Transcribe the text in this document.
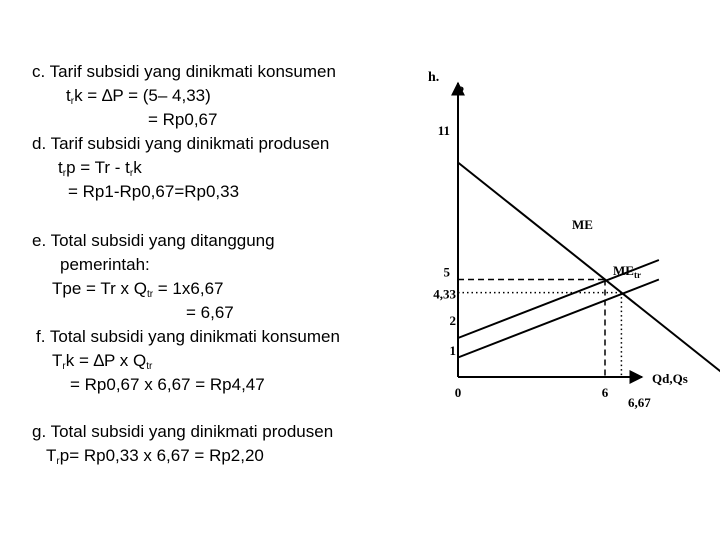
c. Tarif subsidi yang dinikmati konsumen
$t_rk = \Delta P = (5-$ 4,33)
= Rp0,67
d. Tarif subsidi yang dinikmati produsen
$t_rp = Tr - t_rk$
= Rp1-Rp0,67=Rp0,33
e. Total subsidi yang ditanggung
pemerintah:
Tpe = Tr x $Q_{tr} = 1x6,67$
= 6,67
f. Total subsidi yang dinikmati konsumen
$T_rk = \Delta P$ x $Q_{tr}$
= Rp0,67 x 6,67 = Rp4,47
g. Total subsidi yang dinikmati produsen
$T_rp= Rp0,33$ x 6,67 = Rp2,20
h.
P
Qd,Qs
11
5
4,33
2
1
0	6
6,67
ME
$ME_{tr}$
